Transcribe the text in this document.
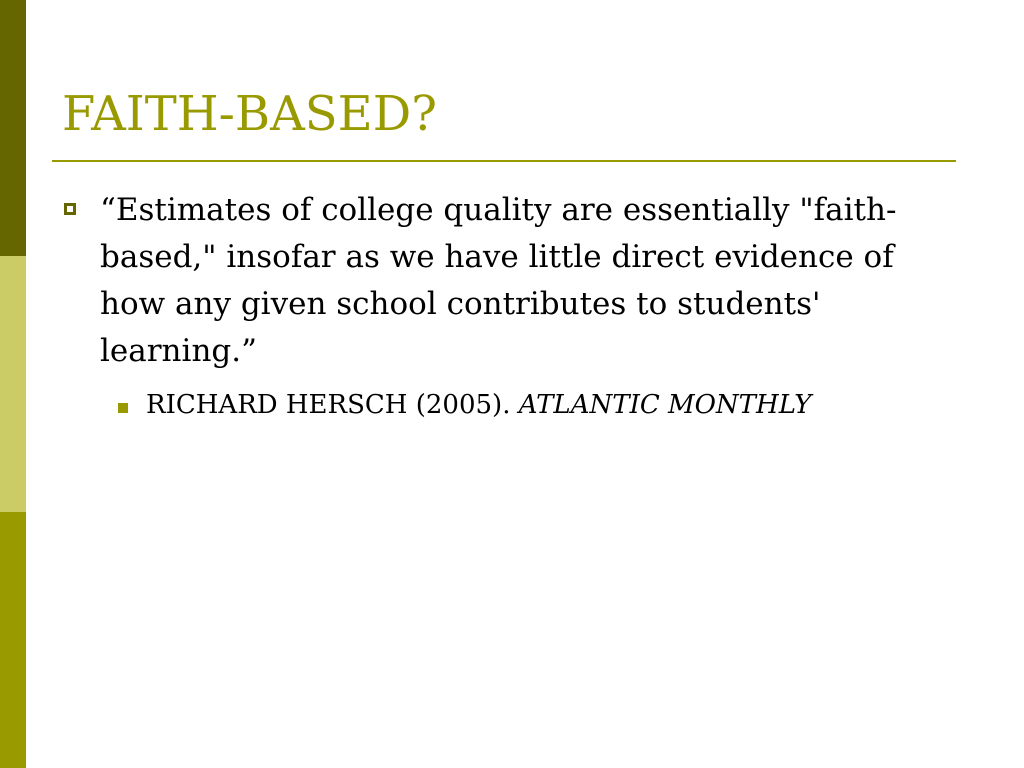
FAITH-BASED?
“Estimates of college quality are essentially "faith-based," insofar as we have little direct evidence of how any given school contributes to students' learning.”
RICHARD HERSCH (2005). ATLANTIC MONTHLY
